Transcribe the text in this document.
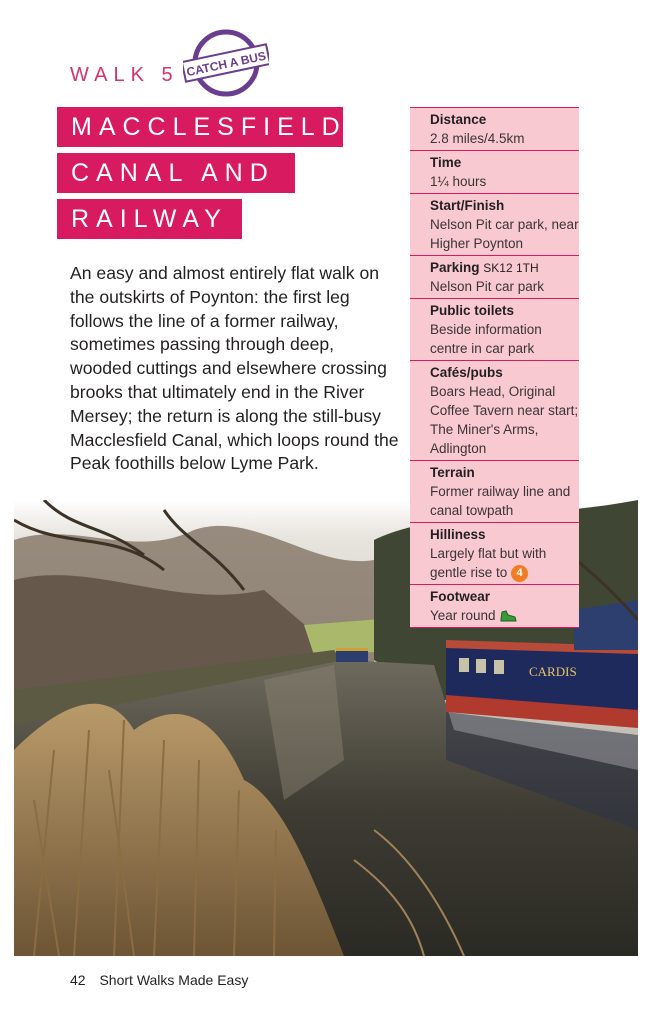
WALK 5 CATCH A BUS
MACCLESFIELD
CANAL AND
RAILWAY

An easy and almost entirely flat walk on the outskirts of Poynton: the first leg follows the line of a former railway, sometimes passing through deep, wooded cuttings and elsewhere crossing brooks that ultimately end in the River Mersey; the return is along the still-busy Macclesfield Canal, which loops round the Peak foothills below Lyme Park.

CARDIS
Distance
2.8 miles/4.5km
Time
1¼ hours
Start/Finish
Nelson Pit car park, near Higher Poynton
Parking SK12 1TH
Nelson Pit car park
Public toilets
Beside information centre in car park
Cafés/pubs
Boars Head, Original Coffee Tavern near start; The Miner's Arms, Adlington
Terrain
Former railway line and canal towpath
Hilliness
Largely flat but with gentle rise to 4
Footwear
Year round
42 Short Walks Made Easy
